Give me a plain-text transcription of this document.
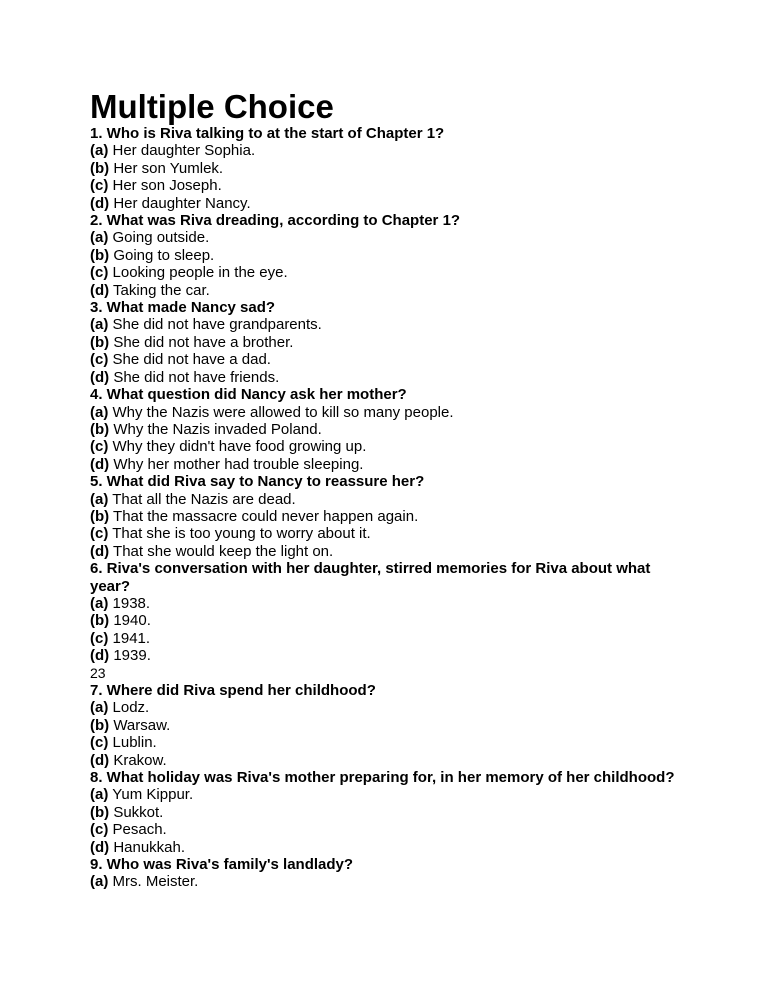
Multiple Choice

1. Who is Riva talking to at the start of Chapter 1?

(a) Her daughter Sophia.

(b) Her son Yumlek.

(c) Her son Joseph.

(d) Her daughter Nancy.

2. What was Riva dreading, according to Chapter 1?

(a) Going outside.

(b) Going to sleep.

(c) Looking people in the eye.

(d) Taking the car.

3. What made Nancy sad?

(a) She did not have grandparents.

(b) She did not have a brother.

(c) She did not have a dad.

(d) She did not have friends.

4. What question did Nancy ask her mother?

(a) Why the Nazis were allowed to kill so many people.

(b) Why the Nazis invaded Poland.

(c) Why they didn't have food growing up.

(d) Why her mother had trouble sleeping.

5. What did Riva say to Nancy to reassure her?

(a) That all the Nazis are dead.

(b) That the massacre could never happen again.

(c) That she is too young to worry about it.

(d) That she would keep the light on.

6. Riva's conversation with her daughter, stirred memories for Riva about what year?

(a) 1938.

(b) 1940.

(c) 1941.

(d) 1939.

23

7. Where did Riva spend her childhood?

(a) Lodz.

(b) Warsaw.

(c) Lublin.

(d) Krakow.

8. What holiday was Riva's mother preparing for, in her memory of her childhood?

(a) Yum Kippur.

(b) Sukkot.

(c) Pesach.

(d) Hanukkah.

9. Who was Riva's family's landlady?

(a) Mrs. Meister.
